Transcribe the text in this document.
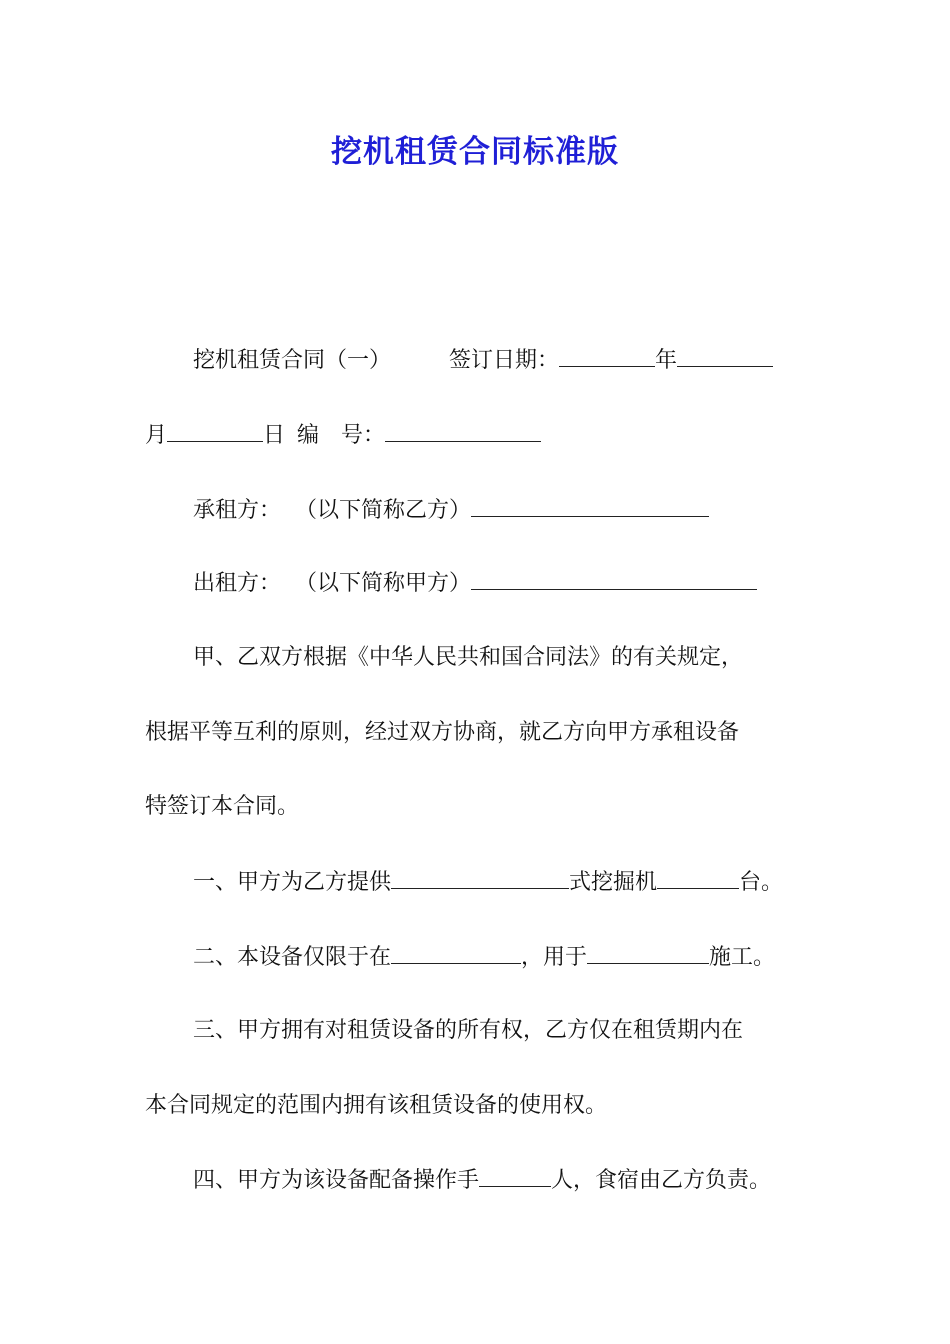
挖机租赁合同标准版
挖机租赁合同（一）	签订日期：	年
月	日 编　号：
承租方： （以下简称乙方）
出租方： （以下简称甲方）
甲、乙双方根据《中华人民共和国合同法》的有关规定，
根据平等互利的原则，经过双方协商，就乙方向甲方承租设备
特签订本合同。
一、甲方为乙方提供	式挖掘机	台。
二、本设备仅限于在	，用于	施工。
三、甲方拥有对租赁设备的所有权，乙方仅在租赁期内在
本合同规定的范围内拥有该租赁设备的使用权。
四、甲方为该设备配备操作手	人，食宿由乙方负责。
